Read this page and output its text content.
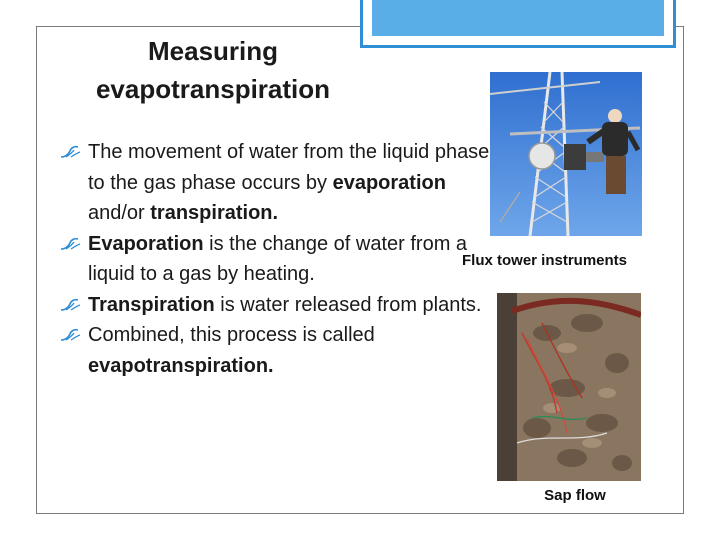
Measuring
evapotranspiration
The movement of water from the liquid phase to the gas phase occurs by evaporation and/or transpiration.
Evaporation is the change of water from a liquid to a gas by heating.
Transpiration is water released from plants.
Combined, this process is called evapotranspiration.
Flux tower instruments
Sap flow
